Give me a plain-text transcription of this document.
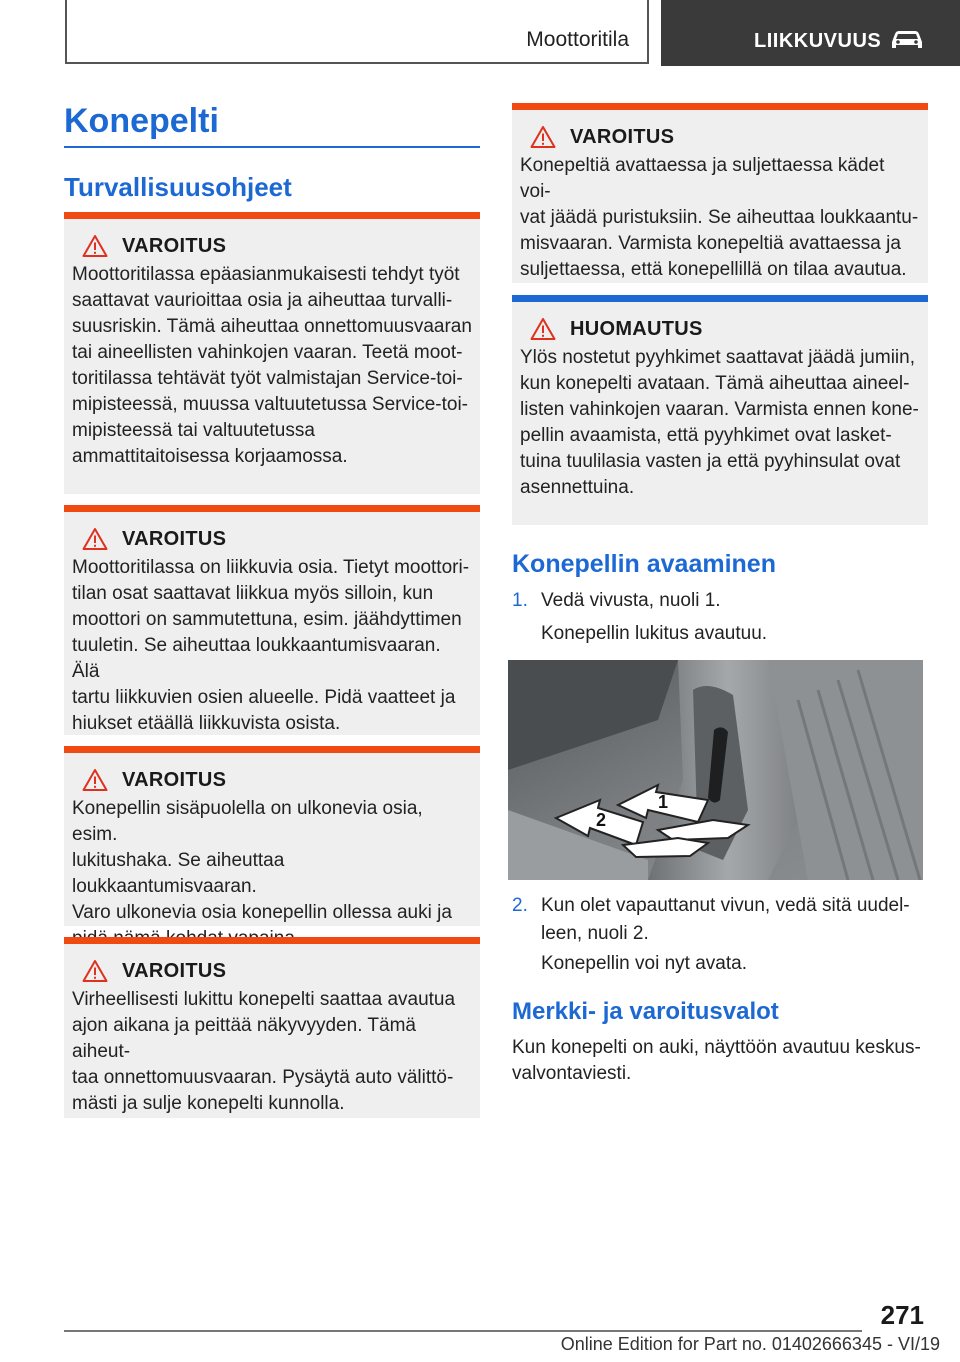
Moottoritila	LIIKKUVUUS
Konepelti
Turvallisuusohjeet
VAROITUS
Moottoritilassa epäasianmukaisesti tehdyt työt
saattavat vaurioittaa osia ja aiheuttaa turvalli‐
suusriskin. Tämä aiheuttaa onnettomuusvaaran
tai aineellisten vahinkojen vaaran. Teetä moot‐
toritilassa tehtävät työt valmistajan Service-toi‐
mipisteessä, muussa valtuutetussa Service-toi‐
mipisteessä tai valtuutetussa
ammattitaitoisessa korjaamossa.
VAROITUS
Moottoritilassa on liikkuvia osia. Tietyt moottori‐
tilan osat saattavat liikkua myös silloin, kun
moottori on sammutettuna, esim. jäähdyttimen
tuuletin. Se aiheuttaa loukkaantumisvaaran. Älä
tartu liikkuvien osien alueelle. Pidä vaatteet ja
hiukset etäällä liikkuvista osista.
VAROITUS
Konepellin sisäpuolella on ulkonevia osia, esim.
lukitushaka. Se aiheuttaa loukkaantumisvaaran.
Varo ulkonevia osia konepellin ollessa auki ja
VAROITUS
Virheellisesti lukittu konepelti saattaa avautua
ajon aikana ja peittää näkyvyyden. Tämä aiheut‐
taa onnettomuusvaaran. Pysäytä auto välittö‐
mästi ja sulje konepelti kunnolla.
VAROITUS
Konepeltiä avattaessa ja suljettaessa kädet voi‐
vat jäädä puristuksiin. Se aiheuttaa loukkaantu‐
misvaaran. Varmista konepeltiä avattaessa ja
suljettaessa, että konepellillä on tilaa avautua.
HUOMAUTUS
Ylös nostetut pyyhkimet saattavat jäädä jumiin,
kun konepelti avataan. Tämä aiheuttaa aineel‐
listen vahinkojen vaaran. Varmista ennen kone‐
pellin avaamista, että pyyhkimet ovat lasket‐
tuina tuulilasia vasten ja että pyyhinsulat ovat
asennettuina.
Konepellin avaaminen
1. Vedä vivusta, nuoli 1.
Konepellin lukitus avautuu.
1
2
2. Kun olet vapauttanut vivun, vedä sitä uudel‐
leen, nuoli 2.
Konepellin voi nyt avata.
Merkki- ja varoitusvalot
Kun konepelti on auki, näyttöön avautuu keskus‐
valvontaviesti.
271
Online Edition for Part no. 01402666345 - VI/19
